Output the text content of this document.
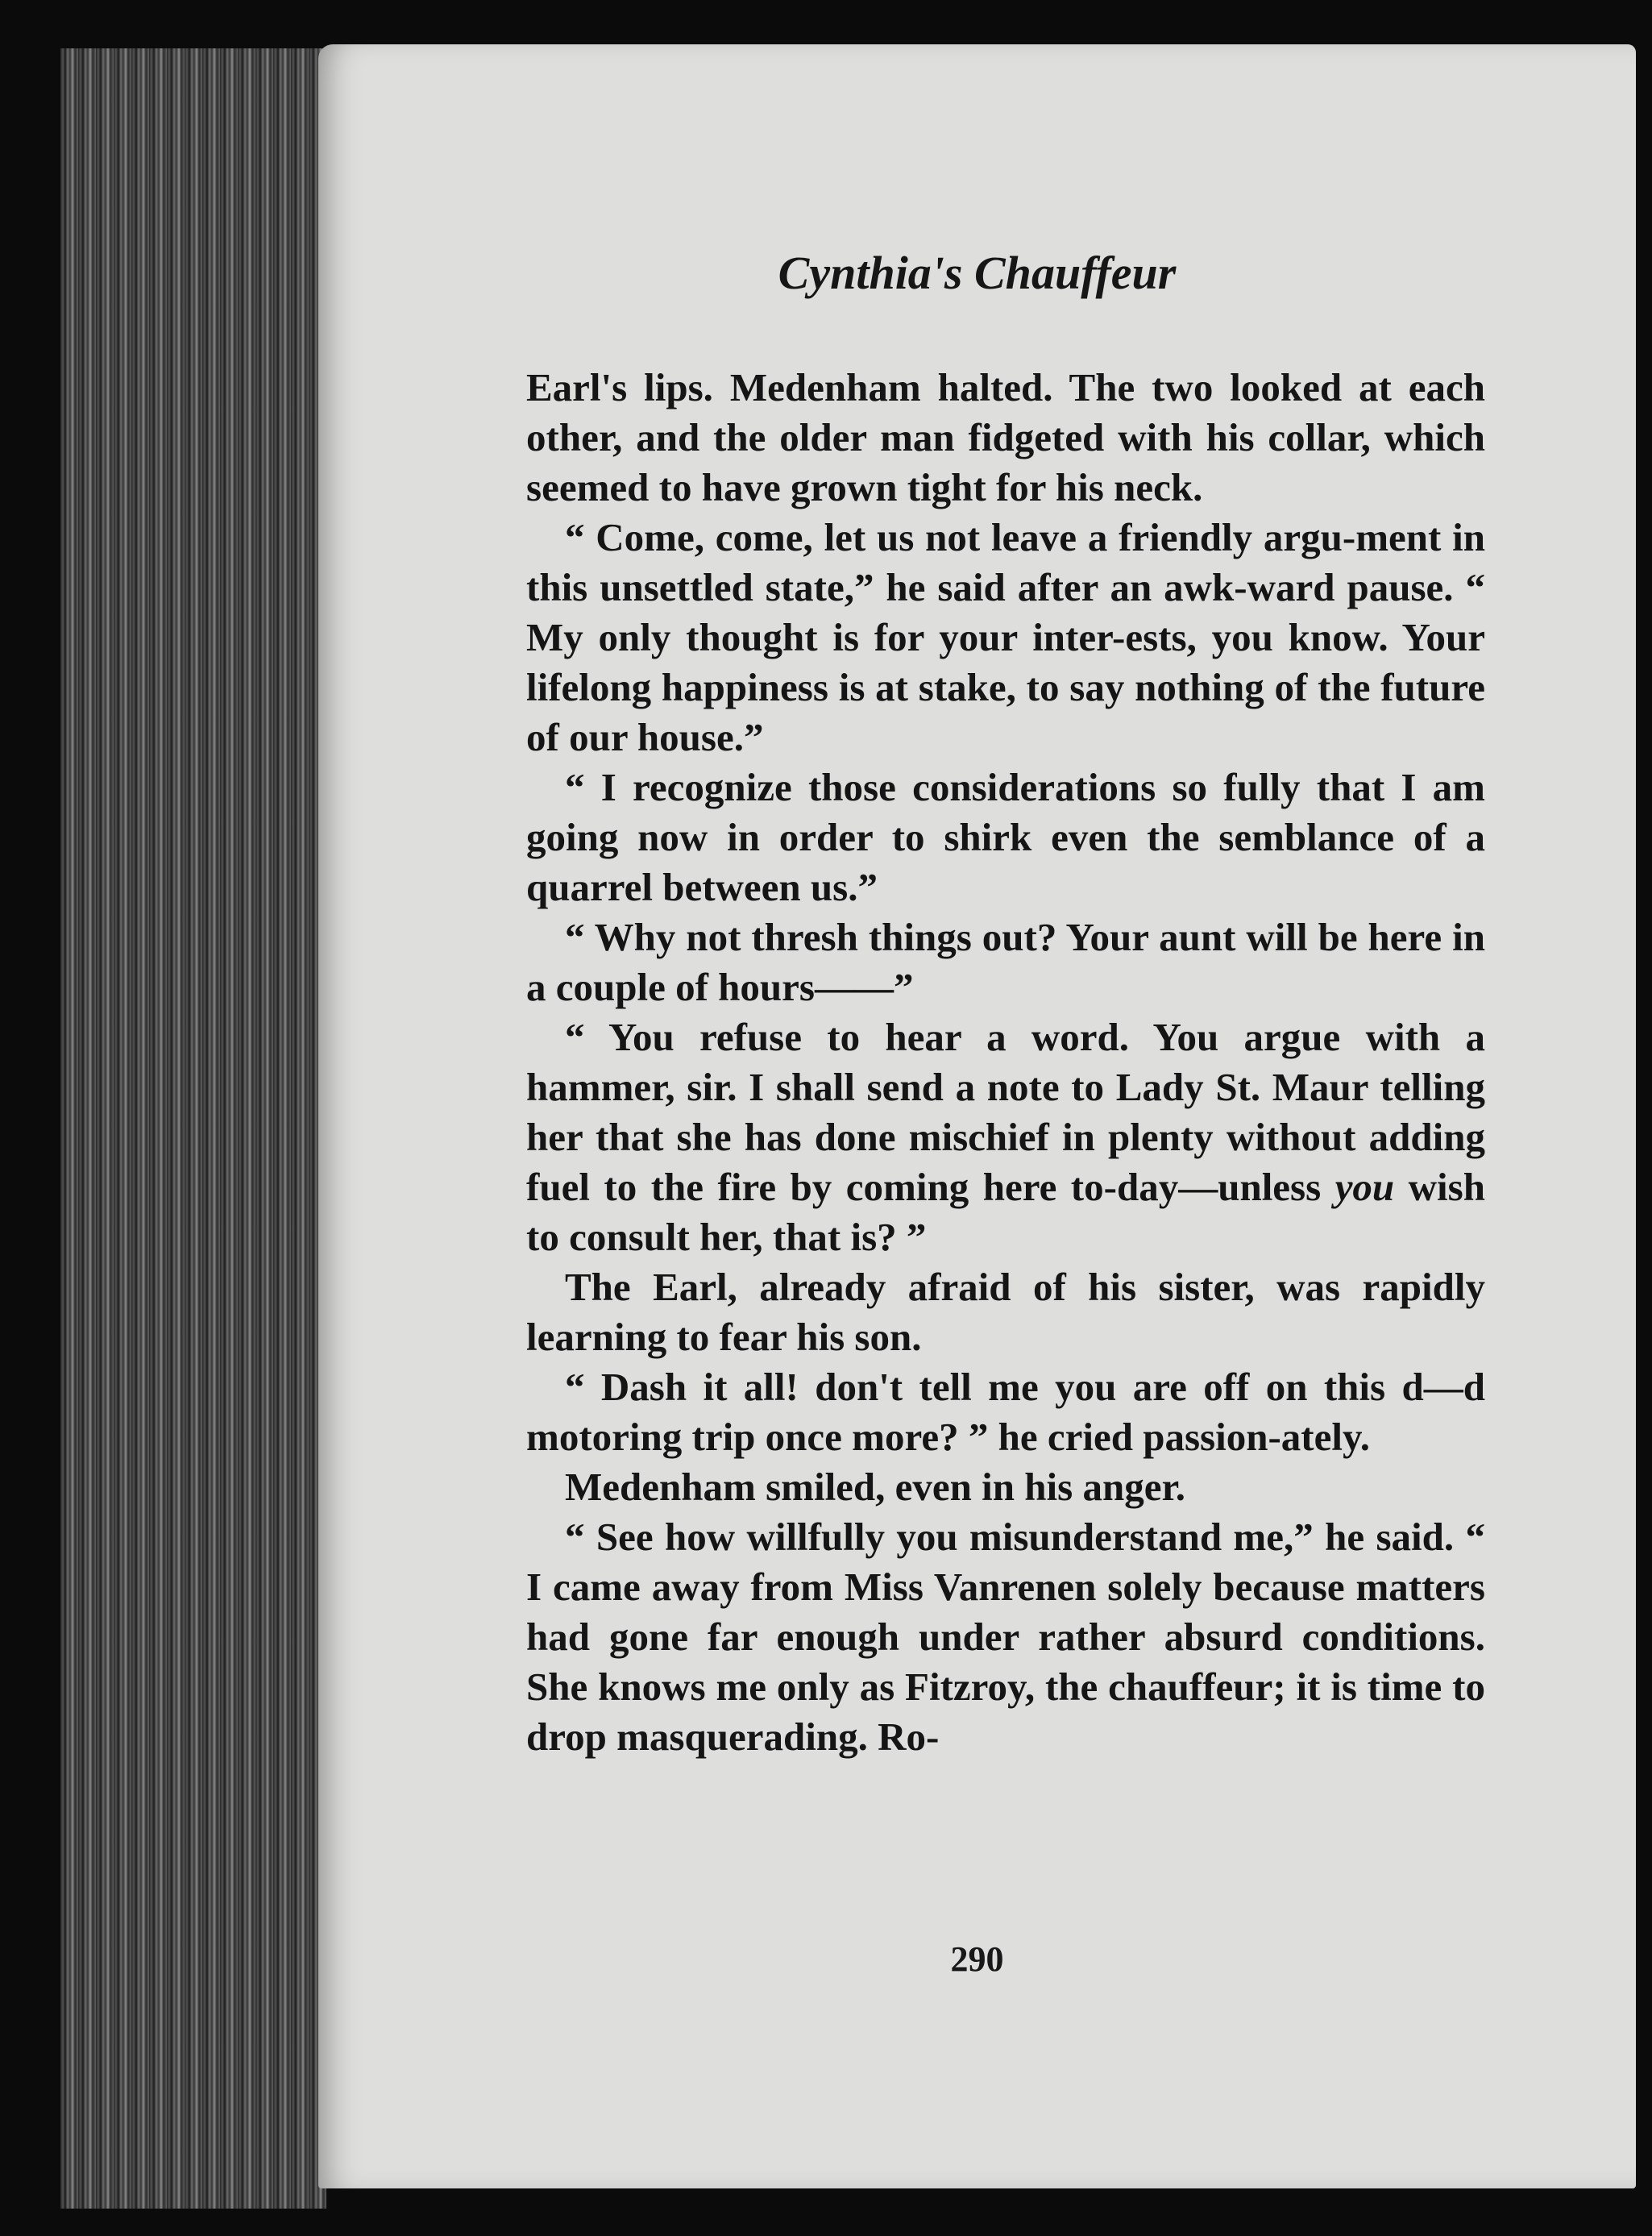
Cynthia's Chauffeur

Earl's lips. Medenham halted. The two looked at each other, and the older man fidgeted with his collar, which seemed to have grown tight for his neck.

“ Come, come, let us not leave a friendly argu-ment in this unsettled state,” he said after an awk-ward pause. “ My only thought is for your inter-ests, you know. Your lifelong happiness is at stake, to say nothing of the future of our house.”

“ I recognize those considerations so fully that I am going now in order to shirk even the semblance of a quarrel between us.”

“ Why not thresh things out? Your aunt will be here in a couple of hours——”

“ You refuse to hear a word. You argue with a hammer, sir. I shall send a note to Lady St. Maur telling her that she has done mischief in plenty without adding fuel to the fire by coming here to-day—unless you wish to consult her, that is? ”

The Earl, already afraid of his sister, was rapidly learning to fear his son.

“ Dash it all! don't tell me you are off on this d—d motoring trip once more? ” he cried passion-ately.

Medenham smiled, even in his anger.

“ See how willfully you misunderstand me,” he said. “ I came away from Miss Vanrenen solely because matters had gone far enough under rather absurd conditions. She knows me only as Fitzroy, the chauffeur; it is time to drop masquerading. Ro-

290
